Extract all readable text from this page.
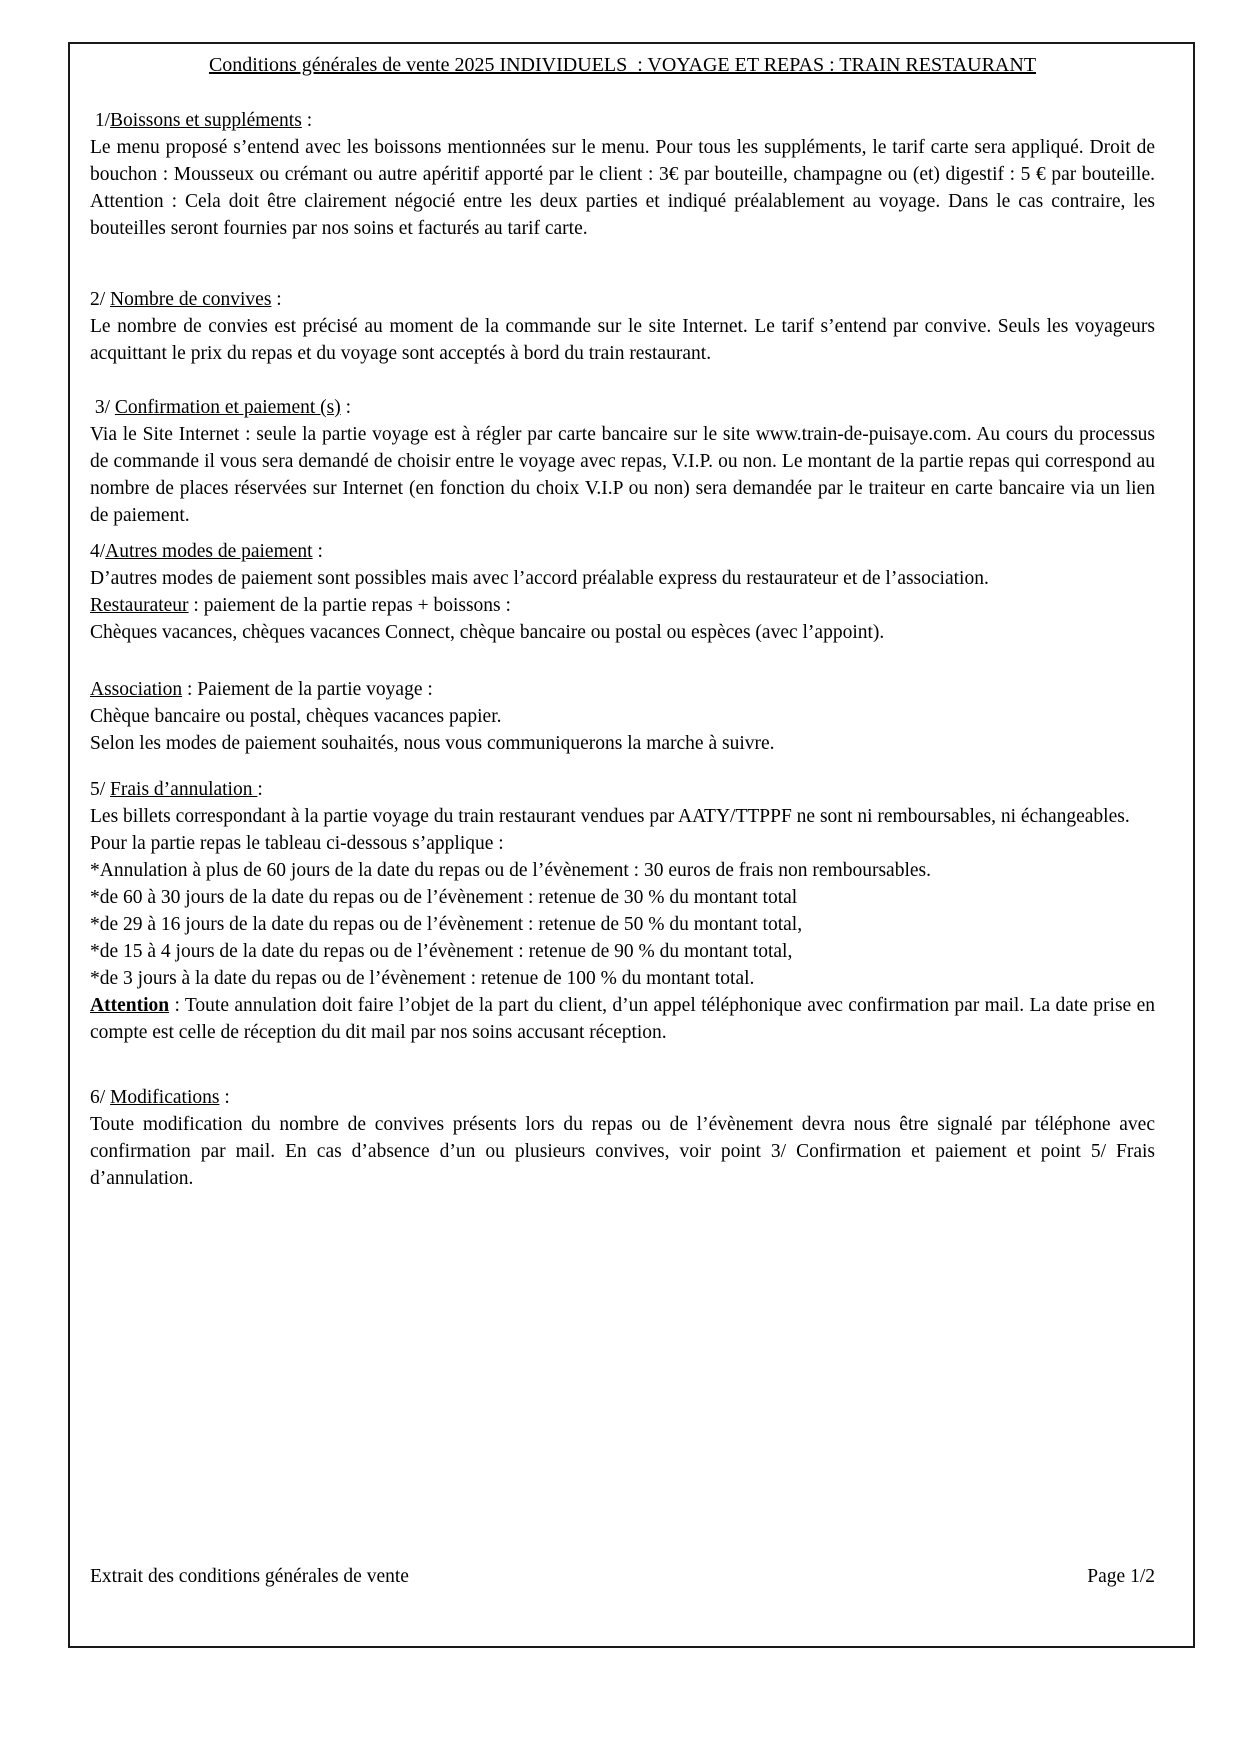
Conditions générales de vente 2025 INDIVIDUELS  : VOYAGE ET REPAS : TRAIN RESTAURANT

1/Boissons et suppléments :

Le menu proposé s’entend avec les boissons mentionnées sur le menu. Pour tous les suppléments, le tarif carte sera appliqué. Droit de bouchon : Mousseux ou crémant ou autre apéritif apporté par le client : 3€ par bouteille, champagne ou (et) digestif : 5 € par bouteille. Attention : Cela doit être clairement négocié entre les deux parties et indiqué préalablement au voyage. Dans le cas contraire, les bouteilles seront fournies par nos soins et facturés au tarif carte.

2/ Nombre de convives :

Le nombre de convies est précisé au moment de la commande sur le site Internet. Le tarif s’entend par convive. Seuls les voyageurs acquittant le prix du repas et du voyage sont acceptés à bord du train restaurant.

3/ Confirmation et paiement (s) :

Via le Site Internet : seule la partie voyage est à régler par carte bancaire sur le site www.train-de-puisaye.com. Au cours du processus de commande il vous sera demandé de choisir entre le voyage avec repas, V.I.P. ou non. Le montant de la partie repas qui correspond au nombre de places réservées sur Internet (en fonction du choix V.I.P ou non) sera demandée par le traiteur en carte bancaire via un lien de paiement.

4/Autres modes de paiement :

D’autres modes de paiement sont possibles mais avec l’accord préalable express du restaurateur et de l’association.

Restaurateur : paiement de la partie repas + boissons :

Chèques vacances, chèques vacances Connect, chèque bancaire ou postal ou espèces (avec l’appoint).

Association : Paiement de la partie voyage :

Chèque bancaire ou postal, chèques vacances papier.

Selon les modes de paiement souhaités, nous vous communiquerons la marche à suivre.

5/ Frais d’annulation :

Les billets correspondant à la partie voyage du train restaurant vendues par AATY/TTPPF ne sont ni remboursables, ni échangeables.

Pour la partie repas le tableau ci-dessous s’applique :

*Annulation à plus de 60 jours de la date du repas ou de l’évènement : 30 euros de frais non remboursables.

*de 60 à 30 jours de la date du repas ou de l’évènement : retenue de 30 % du montant total

*de 29 à 16 jours de la date du repas ou de l’évènement : retenue de 50 % du montant total,

*de 15 à 4 jours de la date du repas ou de l’évènement : retenue de 90 % du montant total,

*de 3 jours à la date du repas ou de l’évènement : retenue de 100 % du montant total.

Attention : Toute annulation doit faire l’objet de la part du client, d’un appel téléphonique avec confirmation par mail. La date prise en compte est celle de réception du dit mail par nos soins accusant réception.

6/ Modifications :

Toute modification du nombre de convives présents lors du repas ou de l’évènement devra nous être signalé par téléphone avec confirmation par mail. En cas d’absence d’un ou plusieurs convives, voir point 3/ Confirmation et paiement et point 5/ Frais d’annulation.

Extrait des conditions générales de vente	Page 1/2
